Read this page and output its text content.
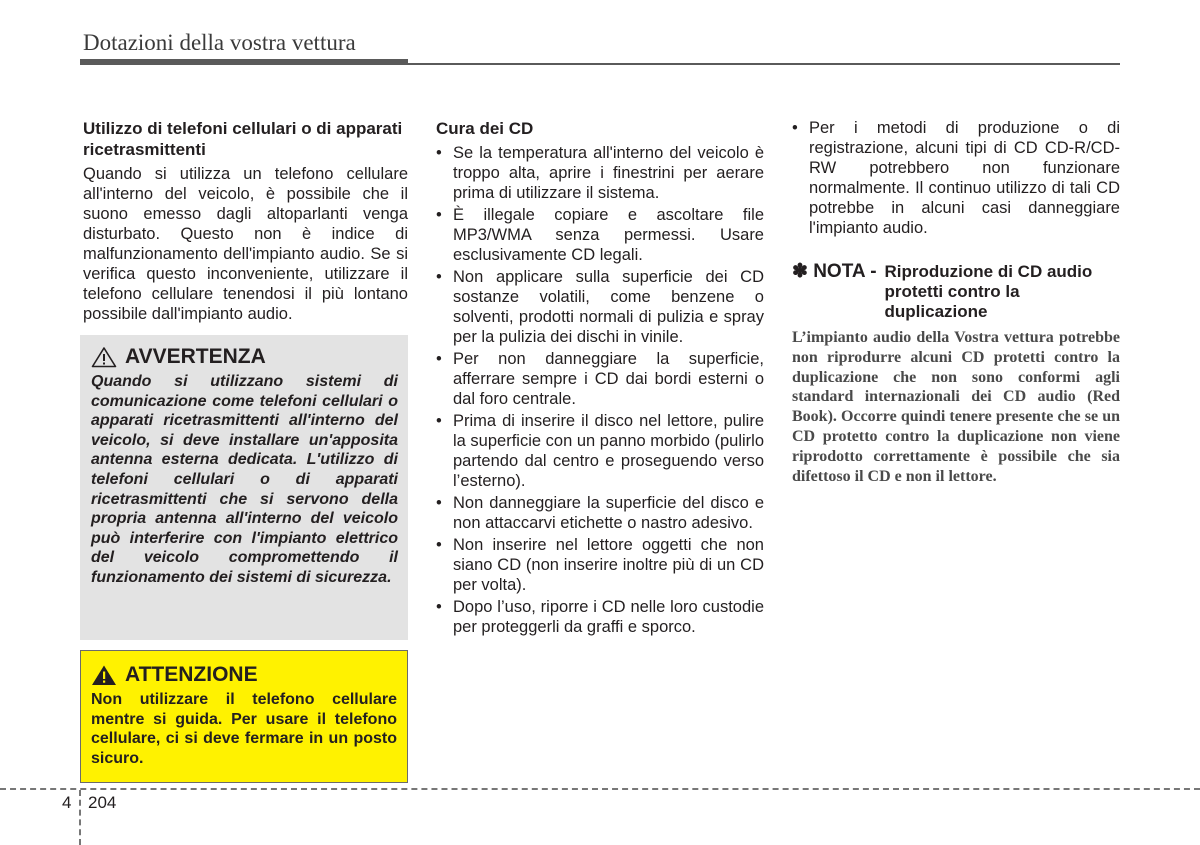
Dotazioni della vostra vettura
Utilizzo di telefoni cellulari o di apparati ricetrasmittenti

Quando si utilizza un telefono cellulare all'interno del veicolo, è possibile che il suono emesso dagli altoparlanti venga disturbato. Questo non è indice di malfunzionamento dell'impianto audio. Se si verifica questo inconveniente, utilizzare il telefono cellulare tenendosi il più lontano possibile dall'impianto audio.

AVVERTENZA
Quando si utilizzano sistemi di comunicazione come telefoni cellulari o apparati ricetrasmittenti all'interno del veicolo, si deve installare un'apposita antenna esterna dedicata. L'utilizzo di telefoni cellulari o di apparati ricetrasmittenti che si servono della propria antenna all'interno del veicolo può interferire con l'impianto elettrico del veicolo compromettendo il funzionamento dei sistemi di sicurezza.
ATTENZIONE
Non utilizzare il telefono cellulare mentre si guida. Per usare il telefono cellulare, ci si deve fermare in un posto sicuro.
Cura dei CD
• Se la temperatura all'interno del veicolo è troppo alta, aprire i finestrini per aerare prima di utilizzare il sistema.
• È illegale copiare e ascoltare file MP3/WMA senza permessi. Usare esclusivamente CD legali.
• Non applicare sulla superficie dei CD sostanze volatili, come benzene o solventi, prodotti normali di pulizia e spray per la pulizia dei dischi in vinile.
• Per non danneggiare la superficie, afferrare sempre i CD dai bordi esterni o dal foro centrale.
• Prima di inserire il disco nel lettore, pulire la superficie con un panno morbido (pulirlo partendo dal centro e proseguendo verso l’esterno).
• Non danneggiare la superficie del disco e non attaccarvi etichette o nastro adesivo.
• Non inserire nel lettore oggetti che non siano CD (non inserire inoltre più di un CD per volta).
• Dopo l’uso, riporre i CD nelle loro custodie per proteggerli da graffi e sporco.
• Per i metodi di produzione o di registrazione, alcuni tipi di CD CD-R/CD-RW potrebbero non funzionare normalmente. Il continuo utilizzo di tali CD potrebbe in alcuni casi danneggiare l'impianto audio.
✽ NOTA - Riproduzione di CD audio protetti contro la duplicazione
L’impianto audio della Vostra vettura potrebbe non riprodurre alcuni CD protetti contro la duplicazione che non sono conformi agli standard internazionali dei CD audio (Red Book). Occorre quindi tenere presente che se un CD protetto contro la duplicazione non viene riprodotto correttamente è possibile che sia difettoso il CD e non il lettore.
4 204
